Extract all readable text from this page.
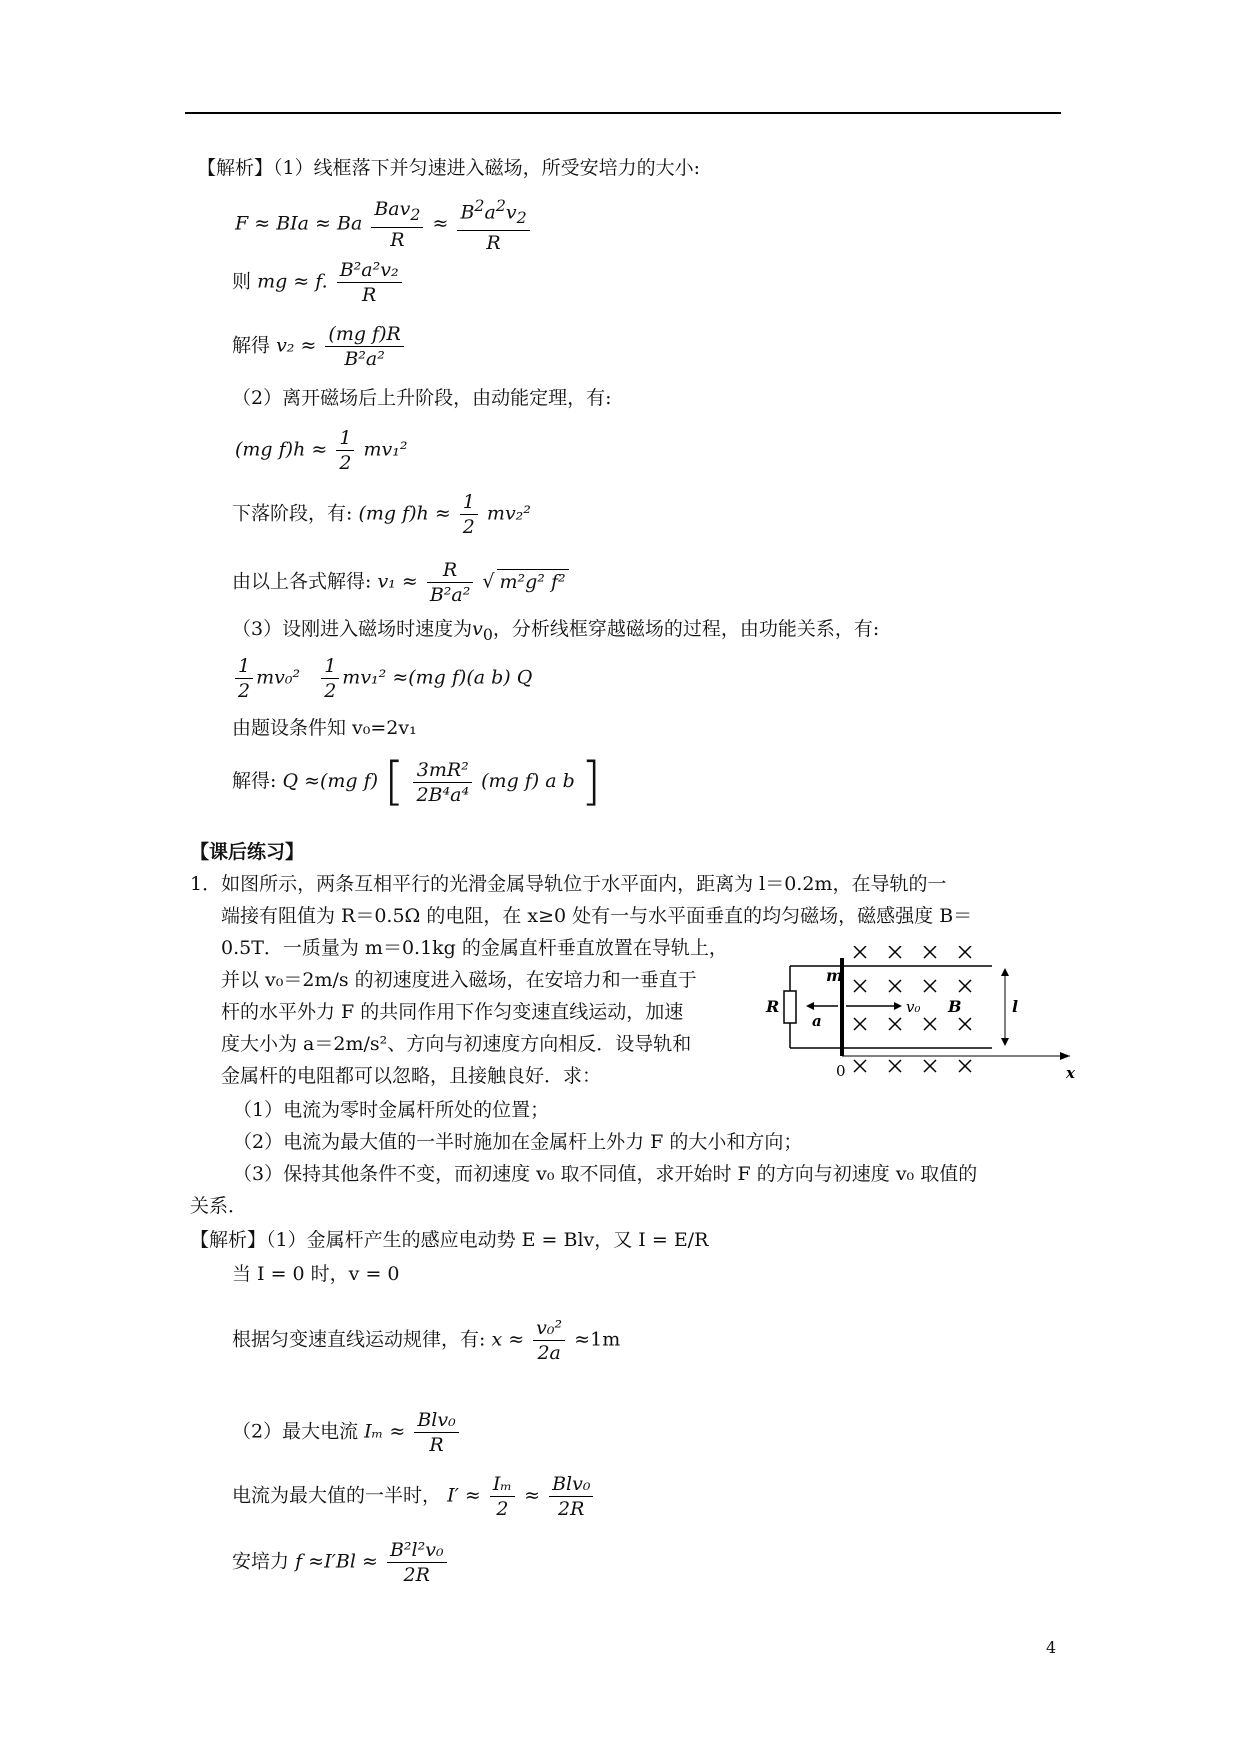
【解析】（1）线框落下并匀速进入磁场，所受安培力的大小:
F ≈ BIa ≈ Ba $\frac{Bav_2}{R} \approx \frac{B^2a^2v_2}{R}$
则 mg ≈ f. $\frac{\text{B²a²v₂}}{R}$
解得 $v_2 \approx \frac{\text{(mg f)R}}{\text{B²a²}}$
（2）离开磁场后上升阶段，由动能定理，有:
(mg $f)h \approx \frac{1}{2} mv_1^2$
下落阶段，有: (mg $f)h \approx \frac{1}{2} mv_2^2$
由以上各式解得: $v_1 \approx \frac{R}{\text{B²a²}}$ √ m²g² f²
（3）设刚进入磁场时速度为$v_0$，分析线框穿越磁场的过程，由功能关系，有:
$\frac{1}{2} mv_0^2 \frac{1}{2} mv_1^2 \approx(mg$ f)(a b) Q
由题设条件知 v₀=2v₁
解得: Q ≈(mg f) [ $\frac{\text{3mR²}}{\text{2B⁴a⁴}} (mg$ f) a b ]
【课后练习】
1．如图所示，两条互相平行的光滑金属导轨位于水平面内，距离为 l＝0.2m，在导轨的一
端接有阻值为 R＝0.5Ω 的电阻，在 x≥0 处有一与水平面垂直的均匀磁场，磁感强度 B＝
0.5T．一质量为 m＝0.1kg 的金属直杆垂直放置在导轨上，
并以 v₀＝2m/s 的初速度进入磁场，在安培力和一垂直于
杆的水平外力 F 的共同作用下作匀变速直线运动，加速
度大小为 a＝2m/s²、方向与初速度方向相反．设导轨和
金属杆的电阻都可以忽略，且接触良好．求：
（1）电流为零时金属杆所处的位置；
（2）电流为最大值的一半时施加在金属杆上外力 F 的大小和方向；
（3）保持其他条件不变，而初速度 v₀ 取不同值，求开始时 F 的方向与初速度 v₀ 取值的
关系．
R
m
a
v₀ B	l
0	x
【解析】（1）金属杆产生的感应电动势 E = Blv，又 I = E/R
当 I = 0 时，v = 0
根据匀变速直线运动规律，有: $x \approx \frac{\text{v₀²}}{2a} \approx 1m$
（2）最大电流 $I_m \approx \frac{\text{Blv₀}}{R}$
电流为最大值的一半时， $I' \approx \frac{\text{Iₘ}}{2} \approx \frac{\text{Blv₀}}{2R}$
安培力 $f \approx I'Bl \approx \frac{\text{B²l²v₀}}{2R}$
4
